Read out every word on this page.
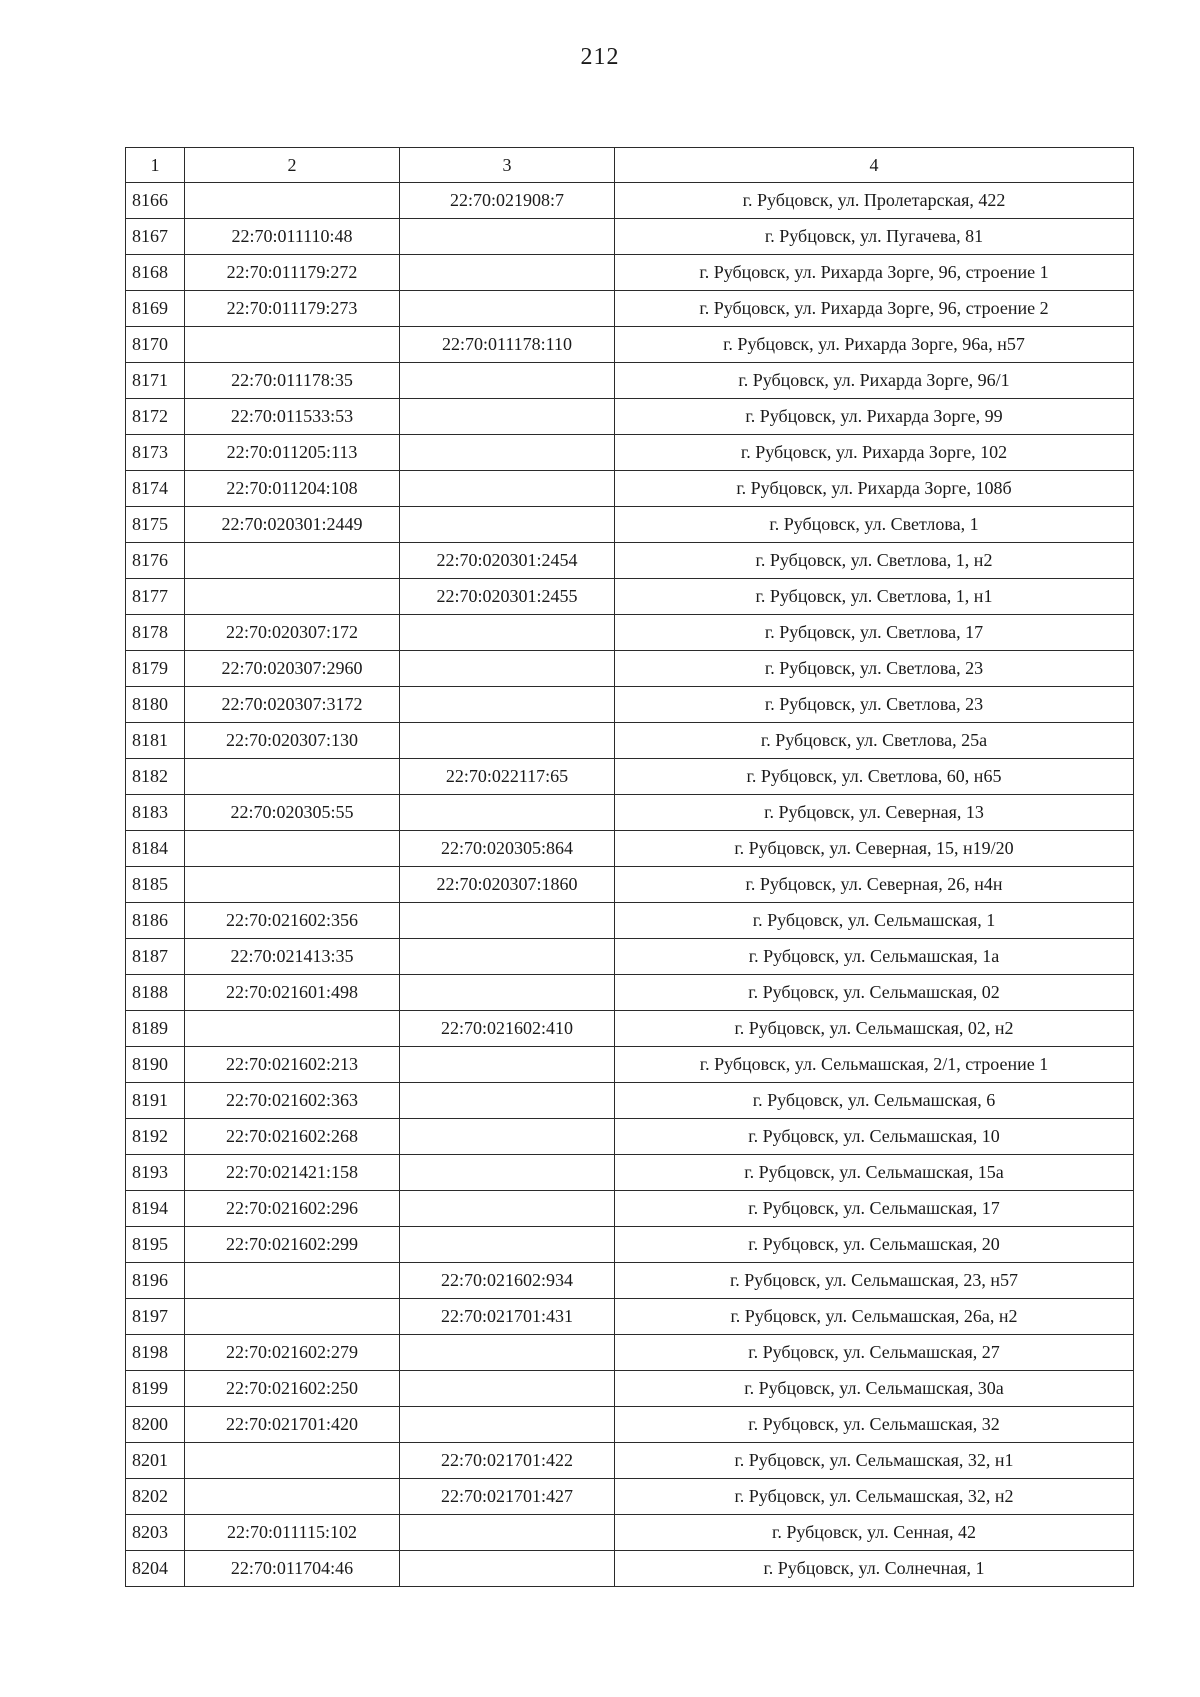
212
1	2	3	4
8166		22:70:021908:7	г. Рубцовск, ул. Пролетарская, 422
8167	22:70:011110:48		г. Рубцовск, ул. Пугачева, 81
8168	22:70:011179:272		г. Рубцовск, ул. Рихарда Зорге, 96, строение 1
8169	22:70:011179:273		г. Рубцовск, ул. Рихарда Зорге, 96, строение 2
8170		22:70:011178:110	г. Рубцовск, ул. Рихарда Зорге, 96а, н57
8171	22:70:011178:35		г. Рубцовск, ул. Рихарда Зорге, 96/1
8172	22:70:011533:53		г. Рубцовск, ул. Рихарда Зорге, 99
8173	22:70:011205:113		г. Рубцовск, ул. Рихарда Зорге, 102
8174	22:70:011204:108		г. Рубцовск, ул. Рихарда Зорге, 108б
8175	22:70:020301:2449		г. Рубцовск, ул. Светлова, 1
8176		22:70:020301:2454	г. Рубцовск, ул. Светлова, 1, н2
8177		22:70:020301:2455	г. Рубцовск, ул. Светлова, 1, н1
8178	22:70:020307:172		г. Рубцовск, ул. Светлова, 17
8179	22:70:020307:2960		г. Рубцовск, ул. Светлова, 23
8180	22:70:020307:3172		г. Рубцовск, ул. Светлова, 23
8181	22:70:020307:130		г. Рубцовск, ул. Светлова, 25а
8182		22:70:022117:65	г. Рубцовск, ул. Светлова, 60, н65
8183	22:70:020305:55		г. Рубцовск, ул. Северная, 13
8184		22:70:020305:864	г. Рубцовск, ул. Северная, 15, н19/20
8185		22:70:020307:1860	г. Рубцовск, ул. Северная, 26, н4н
8186	22:70:021602:356		г. Рубцовск, ул. Сельмашская, 1
8187	22:70:021413:35		г. Рубцовск, ул. Сельмашская, 1а
8188	22:70:021601:498		г. Рубцовск, ул. Сельмашская, 02
8189		22:70:021602:410	г. Рубцовск, ул. Сельмашская, 02, н2
8190	22:70:021602:213		г. Рубцовск, ул. Сельмашская, 2/1, строение 1
8191	22:70:021602:363		г. Рубцовск, ул. Сельмашская, 6
8192	22:70:021602:268		г. Рубцовск, ул. Сельмашская, 10
8193	22:70:021421:158		г. Рубцовск, ул. Сельмашская, 15а
8194	22:70:021602:296		г. Рубцовск, ул. Сельмашская, 17
8195	22:70:021602:299		г. Рубцовск, ул. Сельмашская, 20
8196		22:70:021602:934	г. Рубцовск, ул. Сельмашская, 23, н57
8197		22:70:021701:431	г. Рубцовск, ул. Сельмашская, 26а, н2
8198	22:70:021602:279		г. Рубцовск, ул. Сельмашская, 27
8199	22:70:021602:250		г. Рубцовск, ул. Сельмашская, 30а
8200	22:70:021701:420		г. Рубцовск, ул. Сельмашская, 32
8201		22:70:021701:422	г. Рубцовск, ул. Сельмашская, 32, н1
8202		22:70:021701:427	г. Рубцовск, ул. Сельмашская, 32, н2
8203	22:70:011115:102		г. Рубцовск, ул. Сенная, 42
8204	22:70:011704:46		г. Рубцовск, ул. Солнечная, 1
